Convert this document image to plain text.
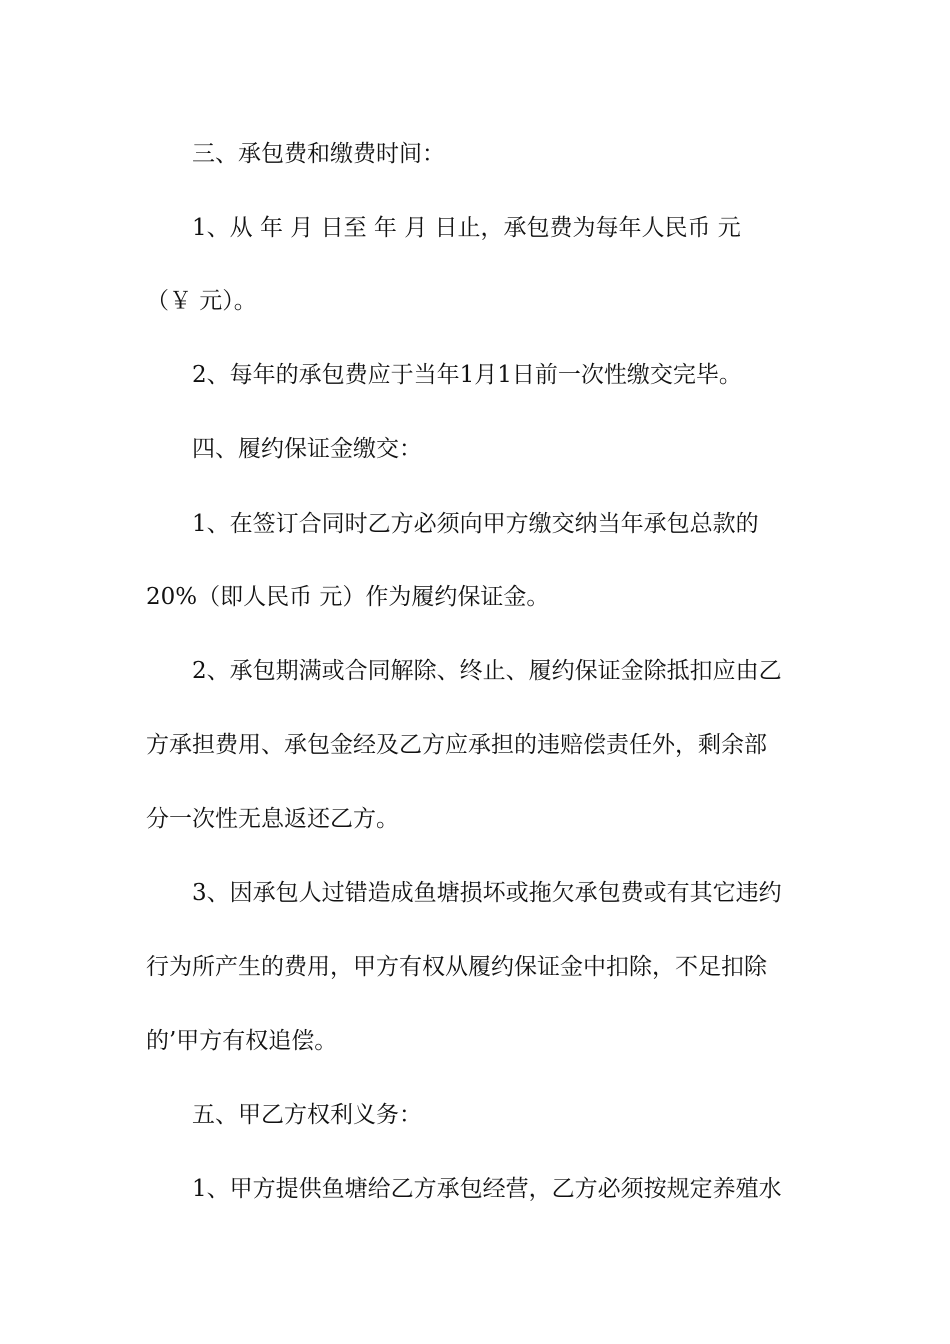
三、承包费和缴费时间：

1、从 年 月 日至 年 月 日止，承包费为每年人民币 元

（￥ 元）。

2、每年的承包费应于当年1月1日前一次性缴交完毕。

四、履约保证金缴交：

1、在签订合同时乙方必须向甲方缴交纳当年承包总款的

20%（即人民币 元）作为履约保证金。

2、承包期满或合同解除、终止、履约保证金除抵扣应由乙

方承担费用、承包金经及乙方应承担的违赔偿责任外，剩余部

分一次性无息返还乙方。

3、因承包人过错造成鱼塘损坏或拖欠承包费或有其它违约

行为所产生的费用，甲方有权从履约保证金中扣除，不足扣除

的’甲方有权追偿。

五、甲乙方权利义务：

1、甲方提供鱼塘给乙方承包经营，乙方必须按规定养殖水
